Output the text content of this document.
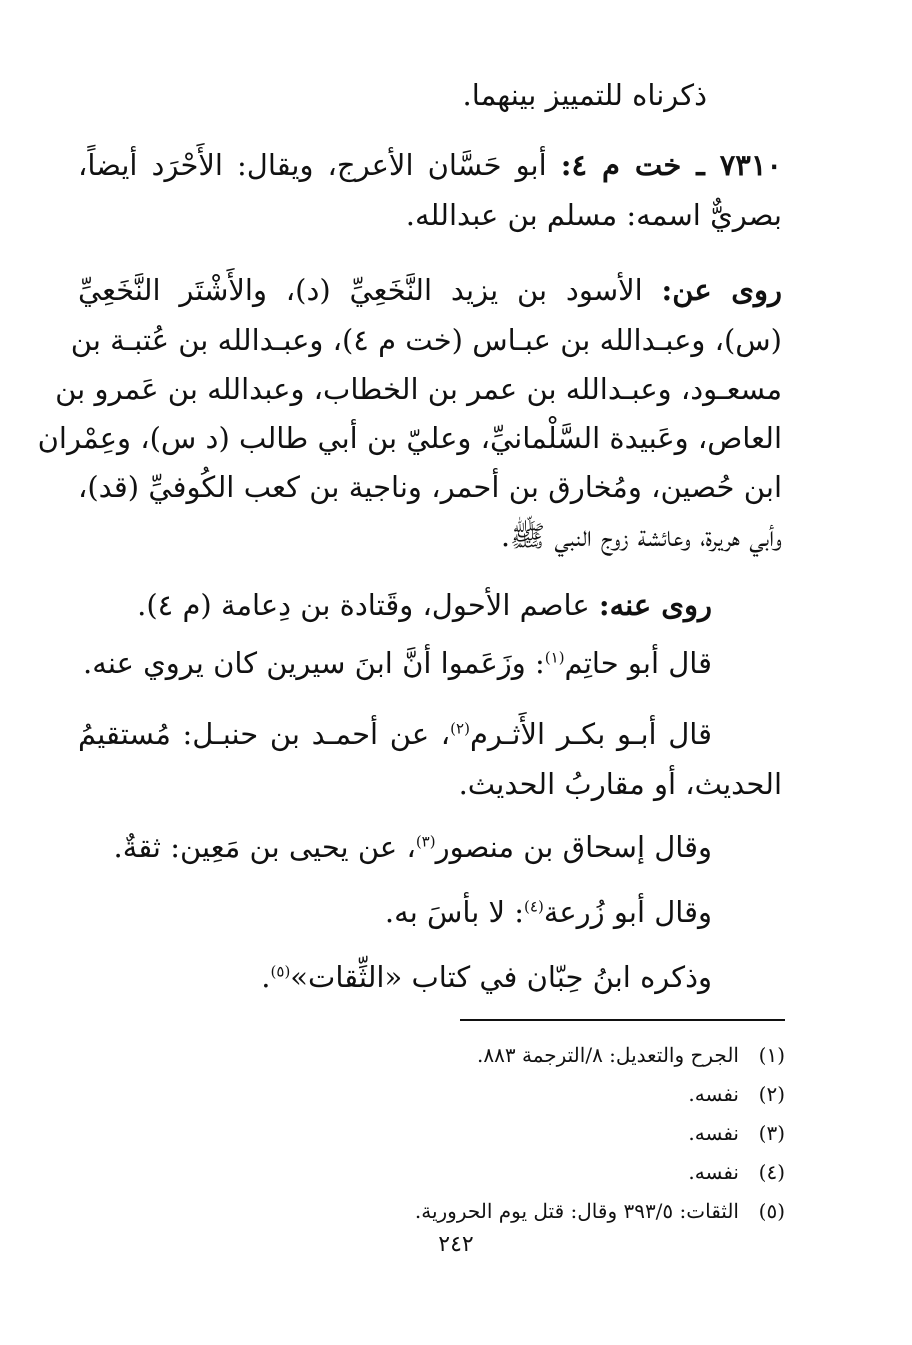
ذكرناه للتمييز بينهما.
٧٣١٠ ـ خت م ٤: أبو حَسَّان الأعرج، ويقال: الأَحْرَد أيضاً،
بصريٌّ اسمه: مسلم بن عبدالله.
روى عن: الأسود بن يزيد النَّخَعِيِّ (د)، والأَشْتَر النَّخَعِيِّ
(س)، وعبـدالله بن عبـاس (خت م ٤)، وعبـدالله بن عُتبـة بن
مسعـود، وعبـدالله بن عمر بن الخطاب، وعبدالله بن عَمرو بن
العاص، وعَبيدة السَّلْمانيِّ، وعليّ بن أبي طالب (د س)، وعِمْران
ابن حُصين، ومُخارق بن أحمر، وناجية بن كعب الكُوفيِّ (قد)،
وأبي هريرة، وعائشة زوج النبي ﷺ.
روى عنه: عاصم الأحول، وقَتادة بن دِعامة (م ٤).
قال أبو حاتِم$^{(١)}$: وزَعَموا أنَّ ابنَ سيرين كان يروي عنه.
قال أبـو بكـر الأَثـرم$^{(٢)}$، عن أحمـد بن حنبـل: مُستقيمُ
الحديث، أو مقاربُ الحديث.
وقال إسحاق بن منصور$^{(٣)}$، عن يحيى بن مَعِين: ثقةٌ.
وقال أبو زُرعة$^{(٤)}$: لا بأسَ به.
وذكره ابنُ حِبّان في كتاب «الثِّقات»$^{(٥)}$.
(١)الجرح والتعديل: ٨/الترجمة ٨٨٣.
(٢)نفسه.
(٣)نفسه.
(٤)نفسه.
(٥)الثقات: ٣٩٣/٥ وقال: قتل يوم الحرورية.
٢٤٢
